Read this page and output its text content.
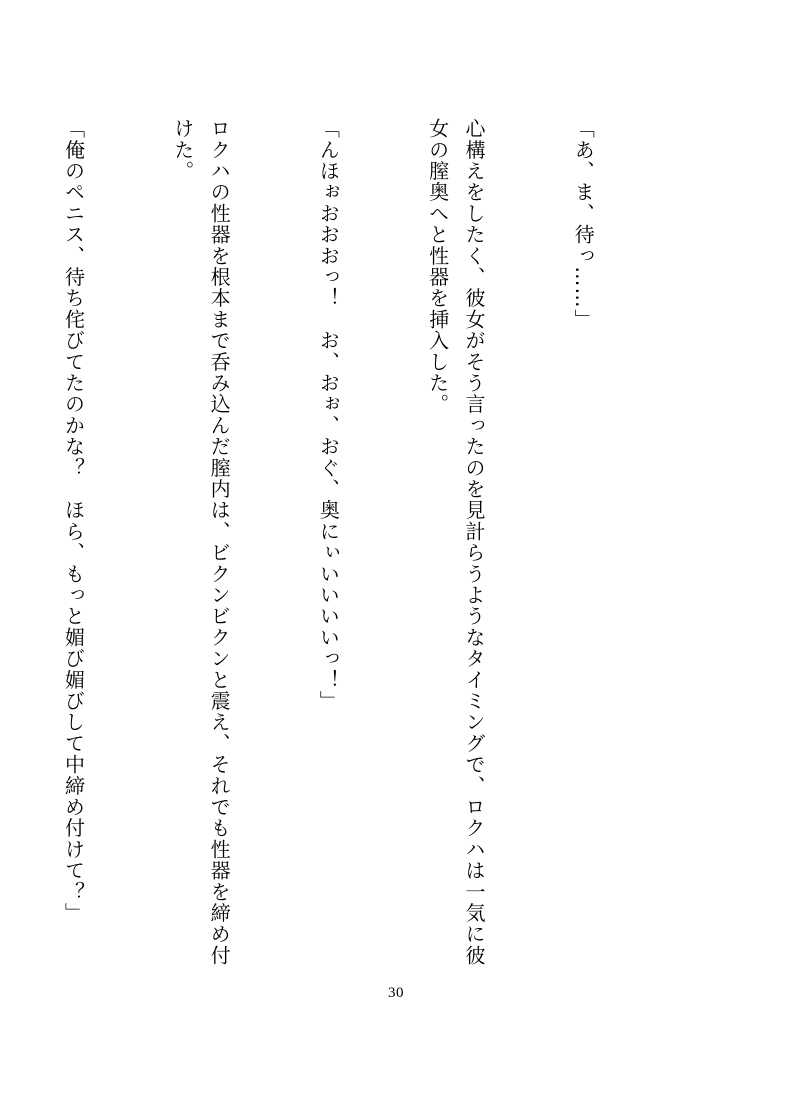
「あ、ま、待っ……」

心構えをしたく、彼女がそう言ったのを見計らうようなタイミングで、ロクハは一気に彼女の膣奥へと性器を挿入した。

「んほぉおおおっ！　お、おぉ、おぐ、奥にぃいいいいっ！」

ロクハの性器を根本まで呑み込んだ膣内は、ビクンビクンと震え、それでも性器を締め付けた。

「俺のペニス、待ち侘びてたのかな？　ほら、もっと媚び媚びして中締め付けて？」

30
